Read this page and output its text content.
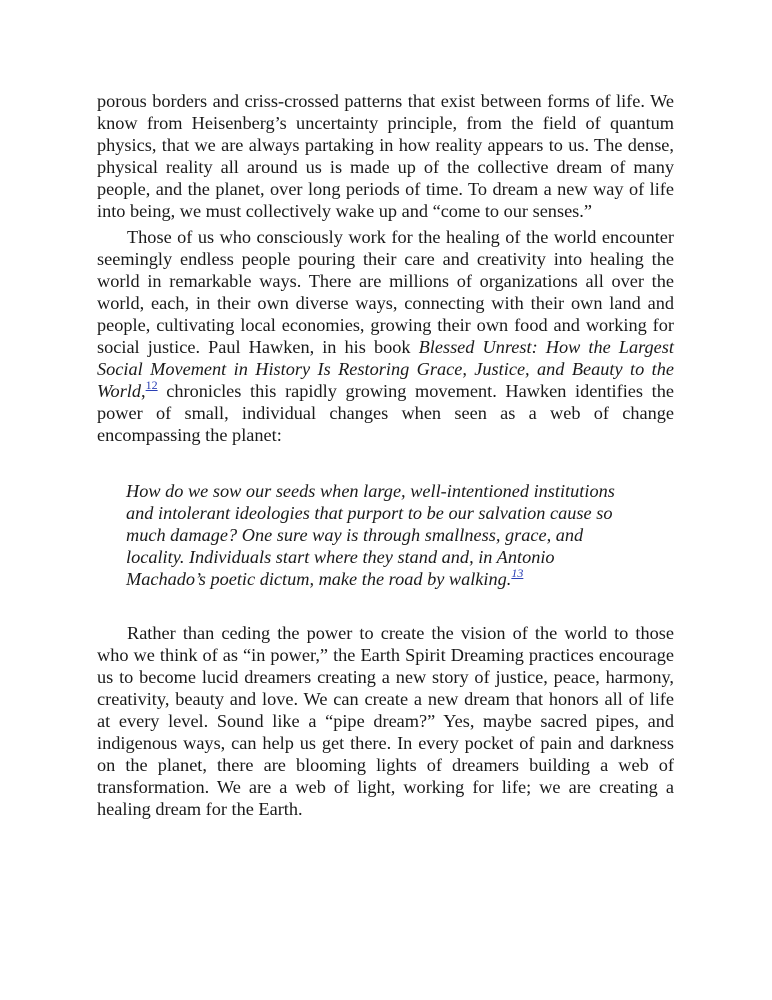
porous borders and criss-crossed patterns that exist between forms of life. We know from Heisenberg’s uncertainty principle, from the field of quantum physics, that we are always partaking in how reality appears to us. The dense, physical reality all around us is made up of the collective dream of many people, and the planet, over long periods of time. To dream a new way of life into being, we must collectively wake up and “come to our senses.”

Those of us who consciously work for the healing of the world encounter seemingly endless people pouring their care and creativity into healing the world in remarkable ways. There are millions of organizations all over the world, each, in their own diverse ways, connecting with their own land and people, cultivating local economies, growing their own food and working for social justice. Paul Hawken, in his book Blessed Unrest: How the Largest Social Movement in History Is Restoring Grace, Justice, and Beauty to the World,$^{12}$ chronicles this rapidly growing movement. Hawken identifies the power of small, individual changes when seen as a web of change encompassing the planet:

How do we sow our seeds when large, well-intentioned institutions
and intolerant ideologies that purport to be our salvation cause so
much damage? One sure way is through smallness, grace, and
locality. Individuals start where they stand and, in Antonio
Machado’s poetic dictum, make the road by walking.$^{13}$

Rather than ceding the power to create the vision of the world to those who we think of as “in power,” the Earth Spirit Dreaming practices encourage us to become lucid dreamers creating a new story of justice, peace, harmony, creativity, beauty and love. We can create a new dream that honors all of life at every level. Sound like a “pipe dream?” Yes, maybe sacred pipes, and indigenous ways, can help us get there. In every pocket of pain and darkness on the planet, there are blooming lights of dreamers building a web of transformation. We are a web of light, working for life; we are creating a healing dream for the Earth.
